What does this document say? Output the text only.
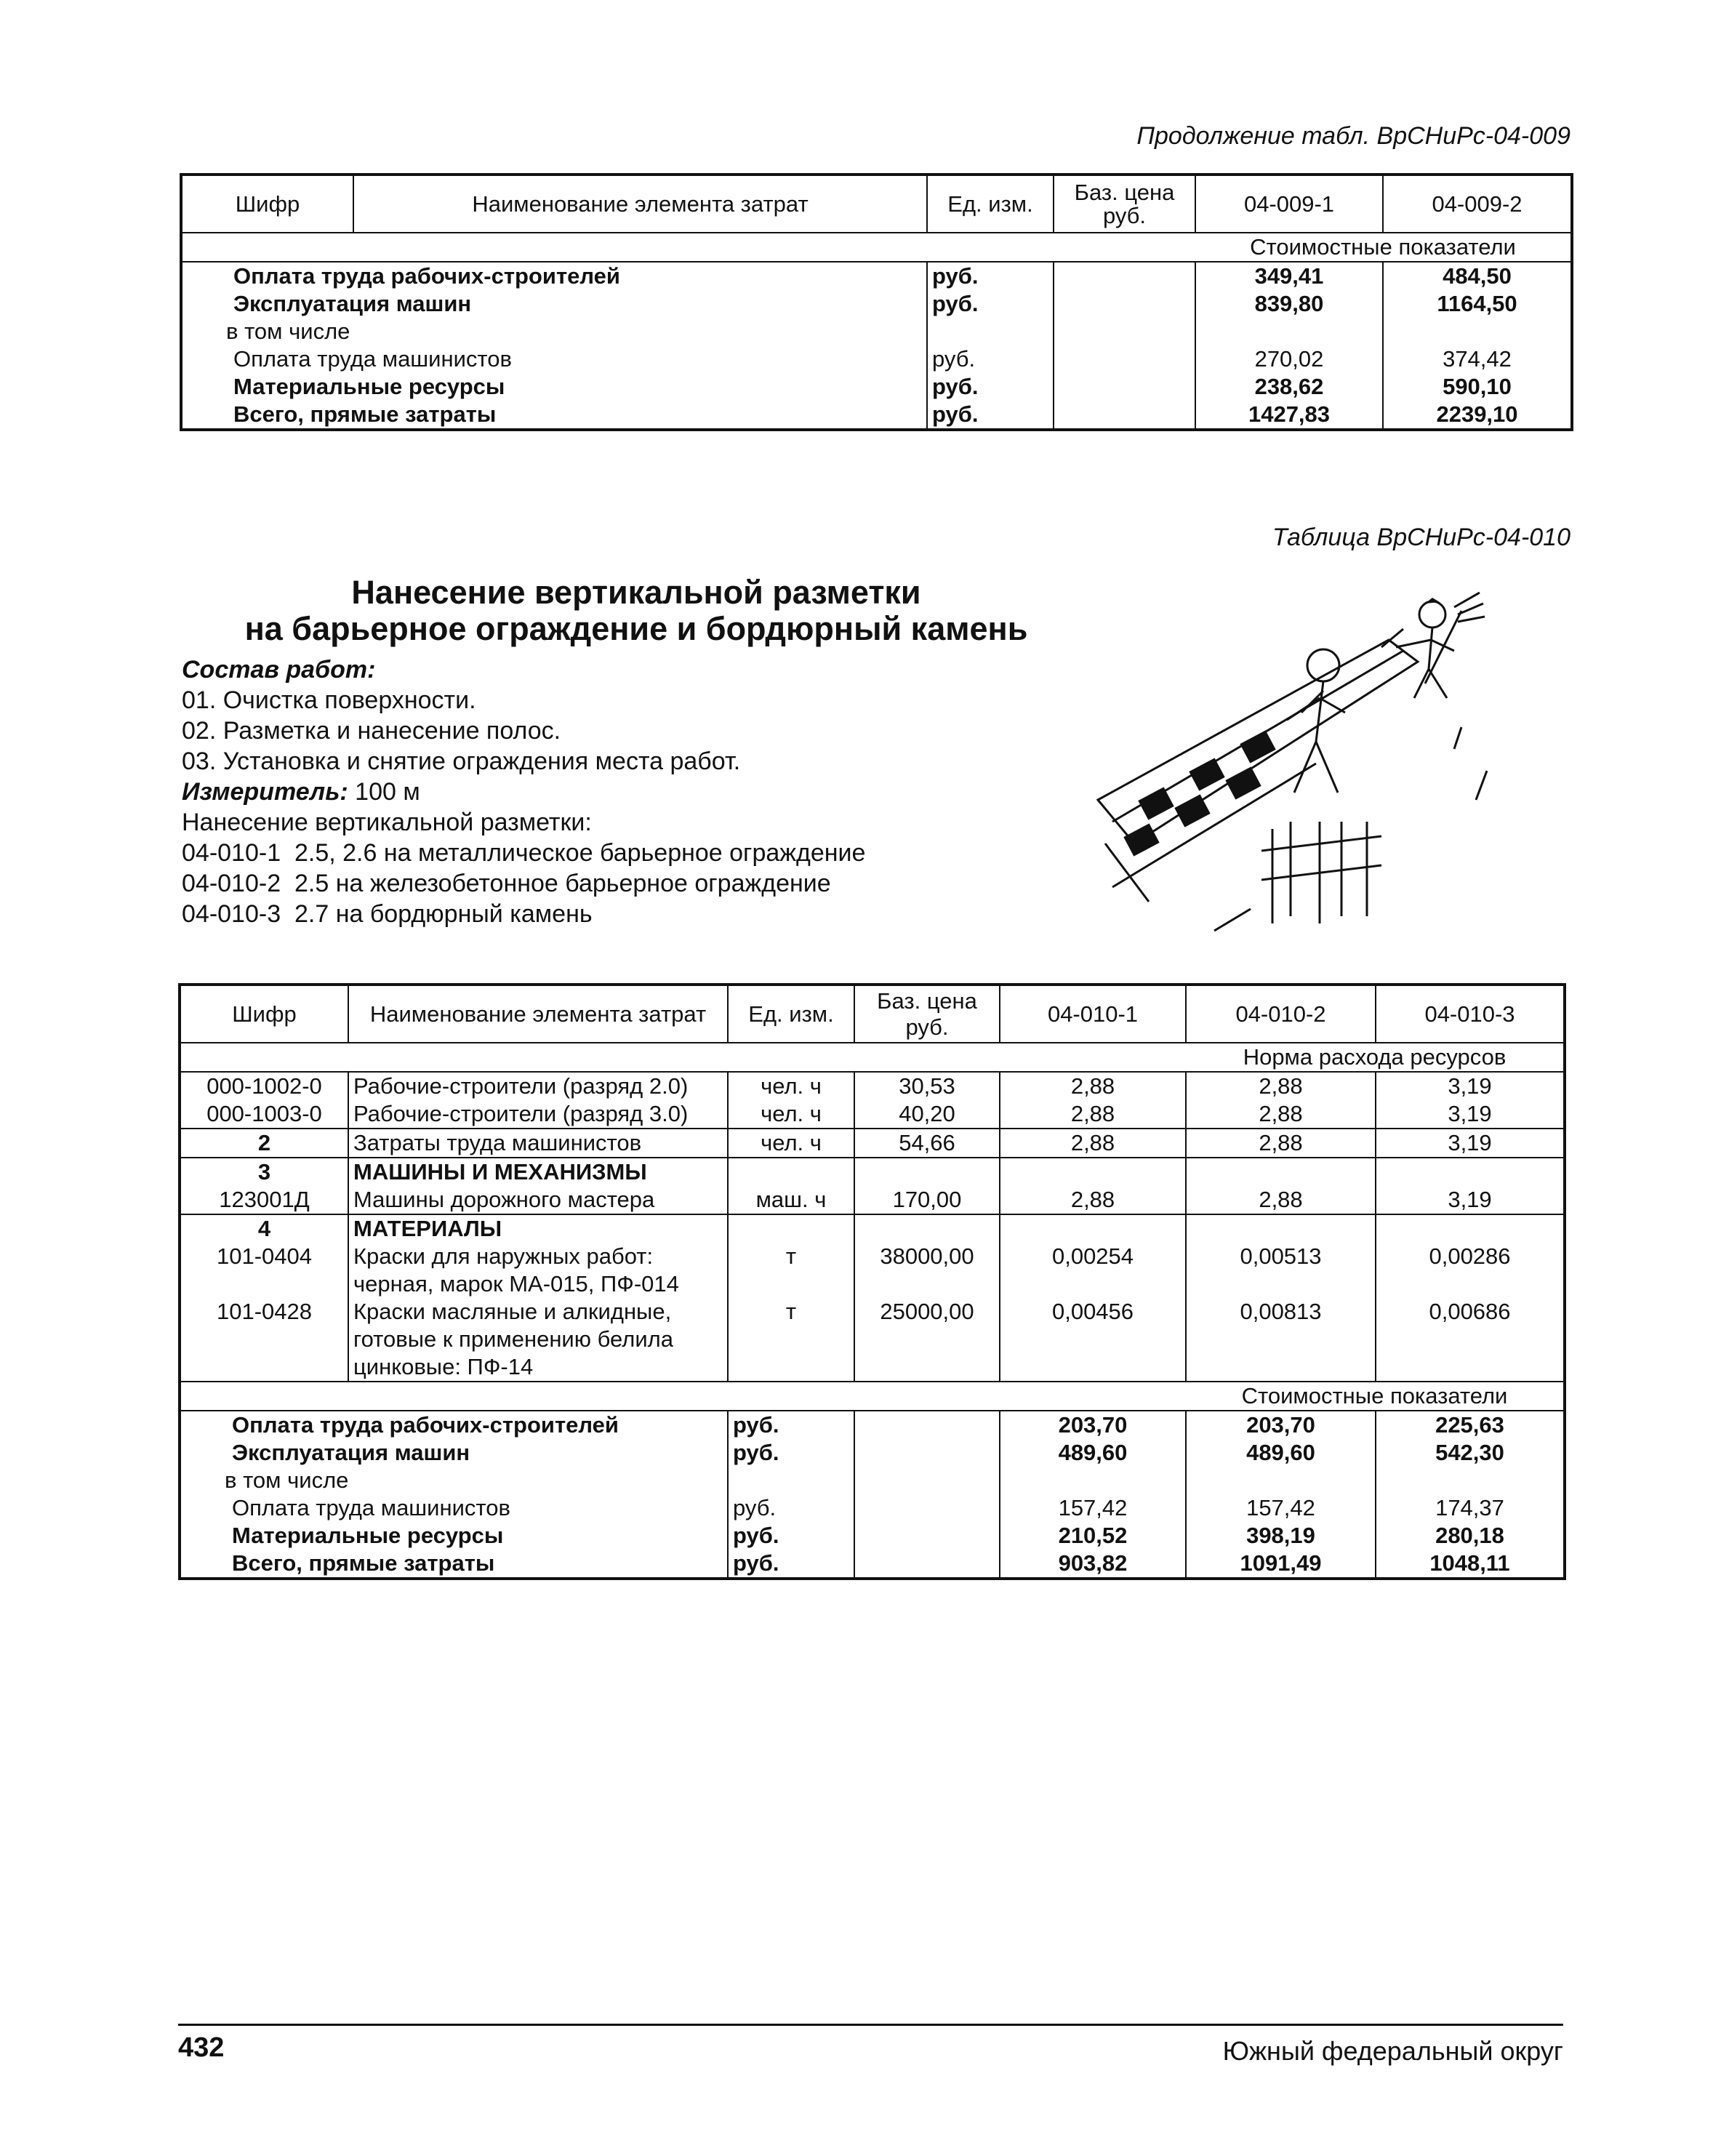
Продолжение табл. ВрСНиРс-04-009
Шифр	Наименование элемента затрат	Ед. изм.	Баз. цена руб.	04-009-1	04-009-2
				Стоимостные показатели	
Оплата труда рабочих-строителей		руб.		349,41	484,50
Эксплуатация машин		руб.		839,80	1164,50
в том числе					
Оплата труда машинистов		руб.		270,02	374,42
Материальные ресурсы		руб.		238,62	590,10
Всего, прямые затраты		руб.		1427,83	2239,10
Таблица ВрСНиРс-04-010
Нанесение вертикальной разметки
на барьерное ограждение и бордюрный камень
Состав работ:
01. Очистка поверхности.
02. Разметка и нанесение полос.
03. Установка и снятие ограждения места работ.
Измеритель: 100 м
Нанесение вертикальной разметки:
04-010-1  2.5, 2.6 на металлическое барьерное ограждение
04-010-2  2.5 на железобетонное барьерное ограждение
04-010-3  2.7 на бордюрный камень
Шифр	Наименование элемента затрат	Ед. изм.	Баз. цена руб.	04-010-1	04-010-2	04-010-3
					Норма расхода ресурсов	
000-1002-0	Рабочие-строители (разряд 2.0)	чел. ч	30,53	2,88	2,88	3,19
000-1003-0	Рабочие-строители (разряд 3.0)	чел. ч	40,20	2,88	2,88	3,19
2	Затраты труда машинистов	чел. ч	54,66	2,88	2,88	3,19
3	МАШИНЫ И МЕХАНИЗМЫ					
123001Д	Машины дорожного мастера	маш. ч	170,00	2,88	2,88	3,19
4	МАТЕРИАЛЫ					
101-0404	Краски для наружных работ: черная, марок МА-015, ПФ-014	т	38000,00	0,00254	0,00513	0,00286
101-0428	Краски масляные и алкидные, готовые к применению белила цинковые: ПФ-14	т	25000,00	0,00456	0,00813	0,00686
					Стоимостные показатели	
Оплата труда рабочих-строителей		руб.		203,70	203,70	225,63
Эксплуатация машин		руб.		489,60	489,60	542,30
в том числе						
Оплата труда машинистов		руб.		157,42	157,42	174,37
Материальные ресурсы		руб.		210,52	398,19	280,18
Всего, прямые затраты		руб.		903,82	1091,49	1048,11
432	Южный федеральный округ
